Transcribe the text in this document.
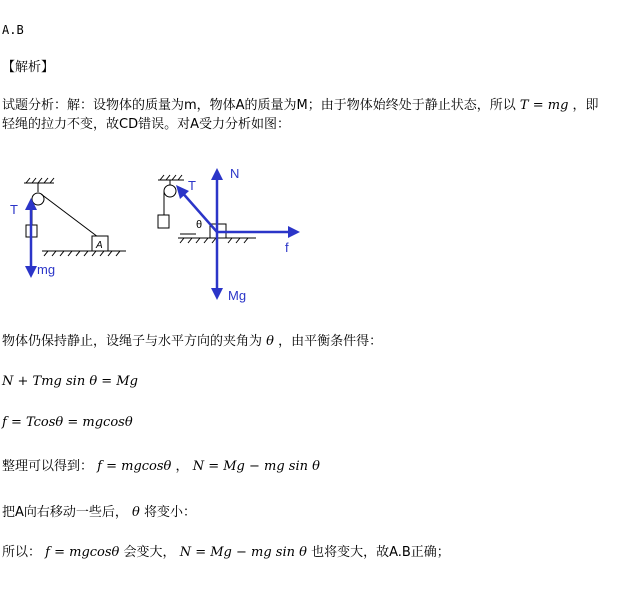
A.B
【解析】
试题分析：解：设物体的质量为m，物体A的质量为M；由于物体始终处于静止状态，所以 T = mg ，即
轻绳的拉力不变，故CD错误。对A受力分析如图：
A
T
mg
θ
N
T
f
Mg
物体仍保持静止，设绳子与水平方向的夹角为 θ ，由平衡条件得：
N + Tmg sin θ = Mg
f = Tcosθ = mgcosθ
整理可以得到： f = mgcosθ ， N = Mg − mg sin θ
把A向右移动一些后， θ 将变小：
所以： f = mgcosθ 会变大， N = Mg − mg sin θ 也将变大，故A.B正确；
